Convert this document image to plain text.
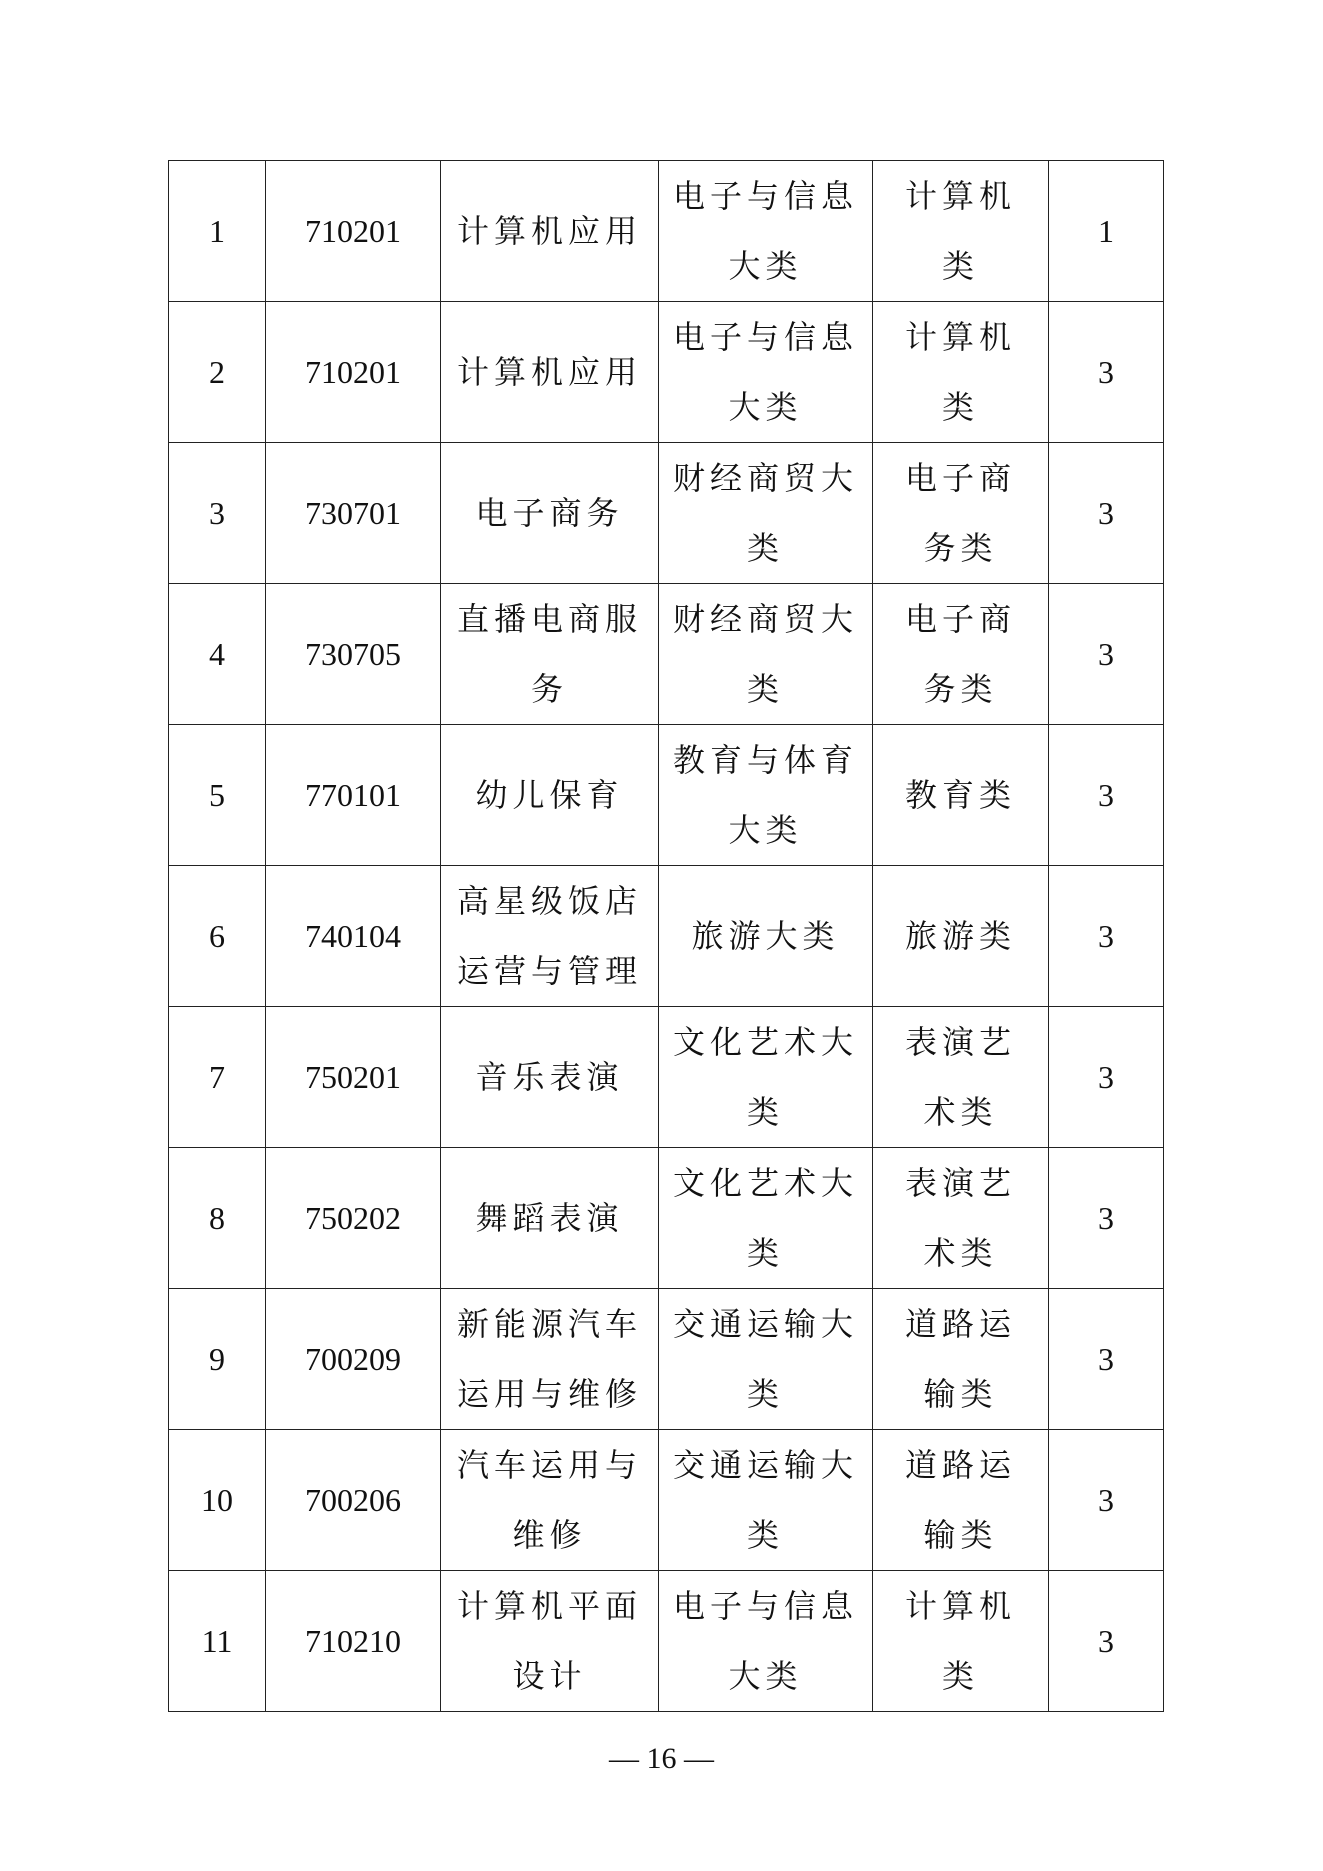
1	710201	计算机应用	电子与信息大类	计算机类	1
2	710201	计算机应用	电子与信息大类	计算机类	3
3	730701	电子商务	财经商贸大类	电子商务类	3
4	730705	直播电商服务	财经商贸大类	电子商务类	3
5	770101	幼儿保育	教育与体育大类	教育类	3
6	740104	高星级饭店运营与管理	旅游大类	旅游类	3
7	750201	音乐表演	文化艺术大类	表演艺术类	3
8	750202	舞蹈表演	文化艺术大类	表演艺术类	3
9	700209	新能源汽车运用与维修	交通运输大类	道路运输类	3
10	700206	汽车运用与维修	交通运输大类	道路运输类	3
11	710210	计算机平面设计	电子与信息大类	计算机类	3
— 16 —
